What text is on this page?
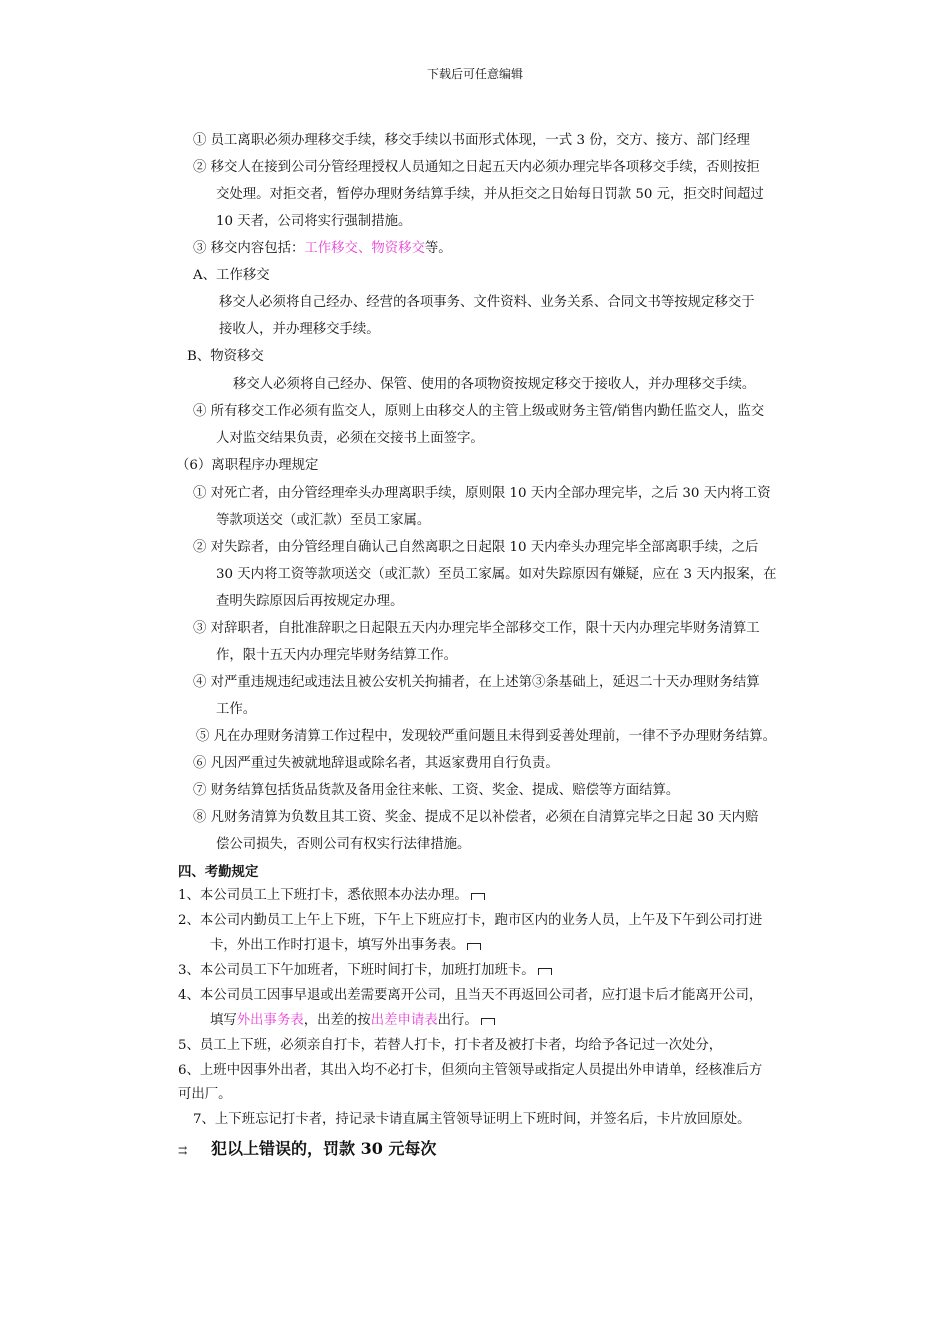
下载后可任意编辑
① 员工离职必须办理移交手续，移交手续以书面形式体现，一式 3 份，交方、接方、部门经理
② 移交人在接到公司分管经理授权人员通知之日起五天内必须办理完毕各项移交手续，否则按拒
交处理。对拒交者，暂停办理财务结算手续，并从拒交之日始每日罚款 50 元，拒交时间超过
10 天者，公司将实行强制措施。
③ 移交内容包括：工作移交、物资移交等。
A、工作移交
移交人必须将自己经办、经营的各项事务、文件资料、业务关系、合同文书等按规定移交于
接收人，并办理移交手续。
B、物资移交
移交人必须将自己经办、保管、使用的各项物资按规定移交于接收人，并办理移交手续。
④ 所有移交工作必须有监交人，原则上由移交人的主管上级或财务主管/销售内勤任监交人，监交
人对监交结果负责，必须在交接书上面签字。
（6）离职程序办理规定
① 对死亡者，由分管经理牵头办理离职手续，原则限 10 天内全部办理完毕，之后 30 天内将工资
等款项送交（或汇款）至员工家属。
② 对失踪者，由分管经理自确认己自然离职之日起限 10 天内牵头办理完毕全部离职手续，之后
30 天内将工资等款项送交（或汇款）至员工家属。如对失踪原因有嫌疑，应在 3 天内报案，在
查明失踪原因后再按规定办理。
③ 对辞职者，自批准辞职之日起限五天内办理完毕全部移交工作，限十天内办理完毕财务清算工
作，限十五天内办理完毕财务结算工作。
④ 对严重违规违纪或违法且被公安机关拘捕者，在上述第③条基础上，延迟二十天办理财务结算
工作。
⑤ 凡在办理财务清算工作过程中，发现较严重问题且未得到妥善处理前，一律不予办理财务结算。
⑥ 凡因严重过失被就地辞退或除名者，其返家费用自行负责。
⑦ 财务结算包括货品货款及备用金往来帐、工资、奖金、提成、赔偿等方面结算。
⑧ 凡财务清算为负数且其工资、奖金、提成不足以补偿者，必须在自清算完毕之日起 30 天内赔
偿公司损失，否则公司有权实行法律措施。
四、考勤规定
1、本公司员工上下班打卡，悉依照本办法办理。
2、本公司内勤员工上午上下班，下午上下班应打卡，跑市区内的业务人员，上午及下午到公司打进
卡，外出工作时打退卡，填写外出事务表。
3、本公司员工下午加班者，下班时间打卡，加班打加班卡。
4、本公司员工因事早退或出差需要离开公司，且当天不再返回公司者，应打退卡后才能离开公司，
填写外出事务表，出差的按出差申请表出行。
5、员工上下班，必须亲自打卡，若替人打卡，打卡者及被打卡者，均给予各记过一次处分，
6、上班中因事外出者，其出入均不必打卡，但须向主管领导或指定人员提出外申请单，经核准后方
可出厂。
7、上下班忘记打卡者，持记录卡请直属主管领导证明上下班时间，并签名后，卡片放回原处。
⇉ 犯以上错误的，罚款 30 元每次
